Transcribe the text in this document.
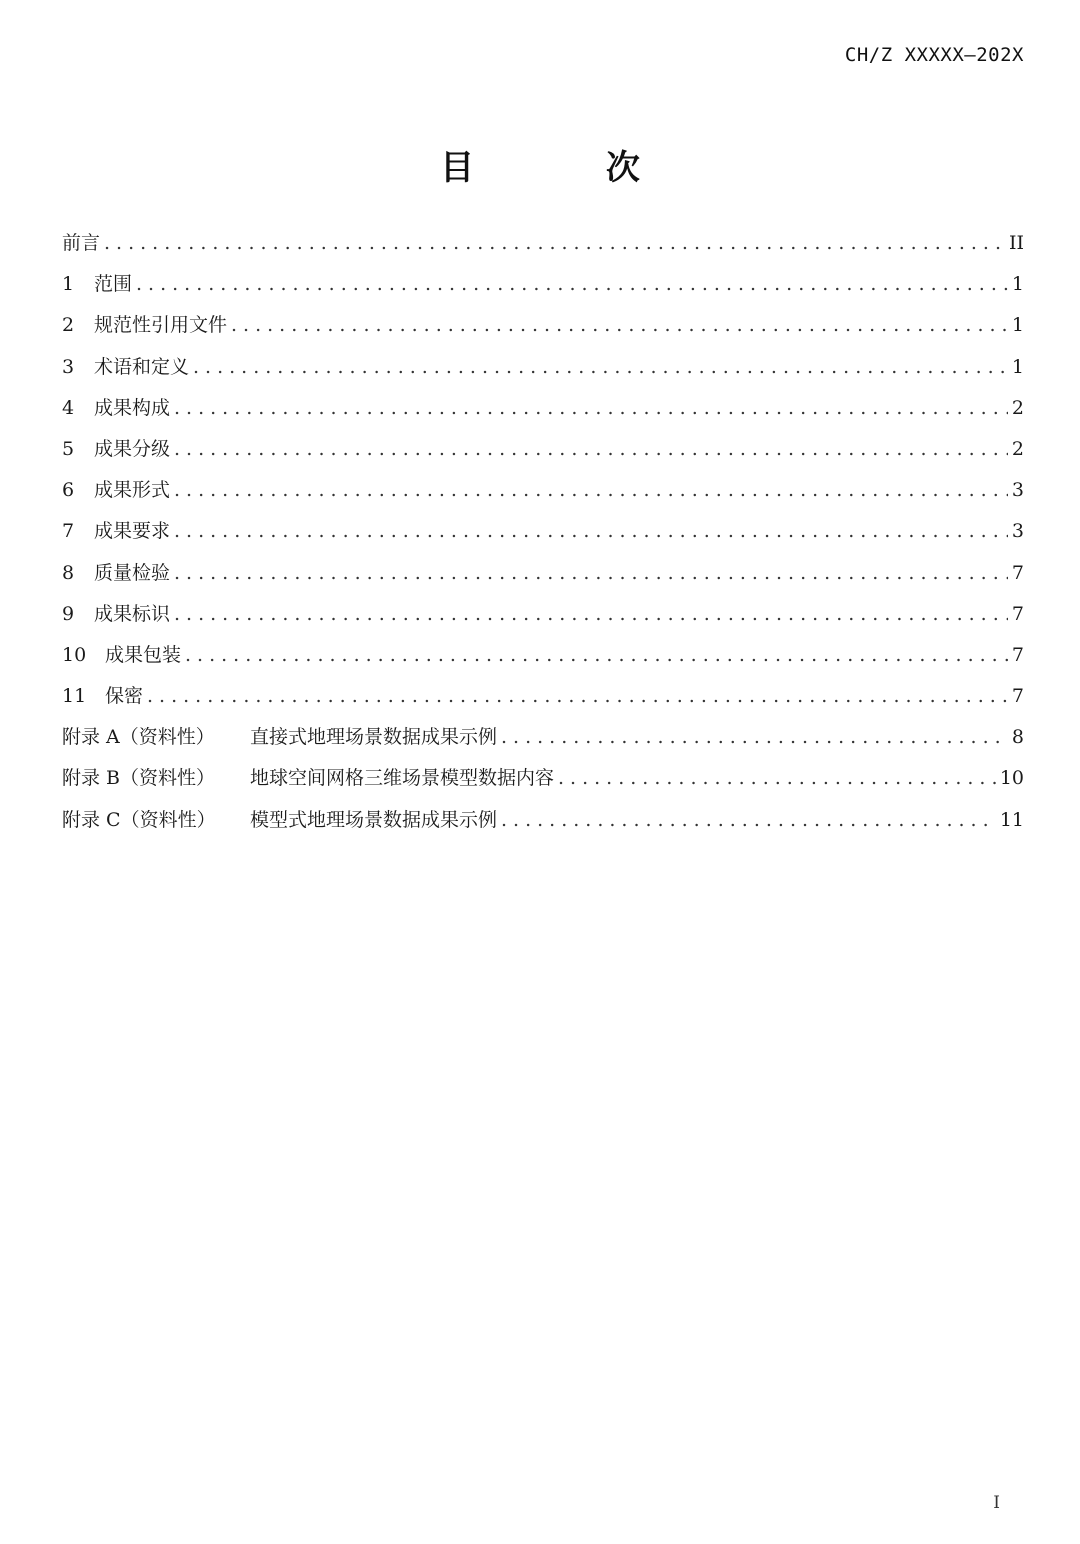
CH/Z XXXXX—202X
目 次
前言 .....	II
1	范围 .....	1
2	规范性引用文件 .....	1
3	术语和定义 .....	1
4	成果构成 .....	2
5	成果分级 .....	2
6	成果形式 .....	3
7	成果要求 .....	3
8	质量检验 .....	7
9	成果标识 .....	7
10 成果包装 .....	7
11 保密 .....	7
附录 A（资料性）	直接式地理场景数据成果示例 .....	8
附录 B（资料性）	地球空间网格三维场景模型数据内容 .....	10
附录 C（资料性）	模型式地理场景数据成果示例 .....	11
I
